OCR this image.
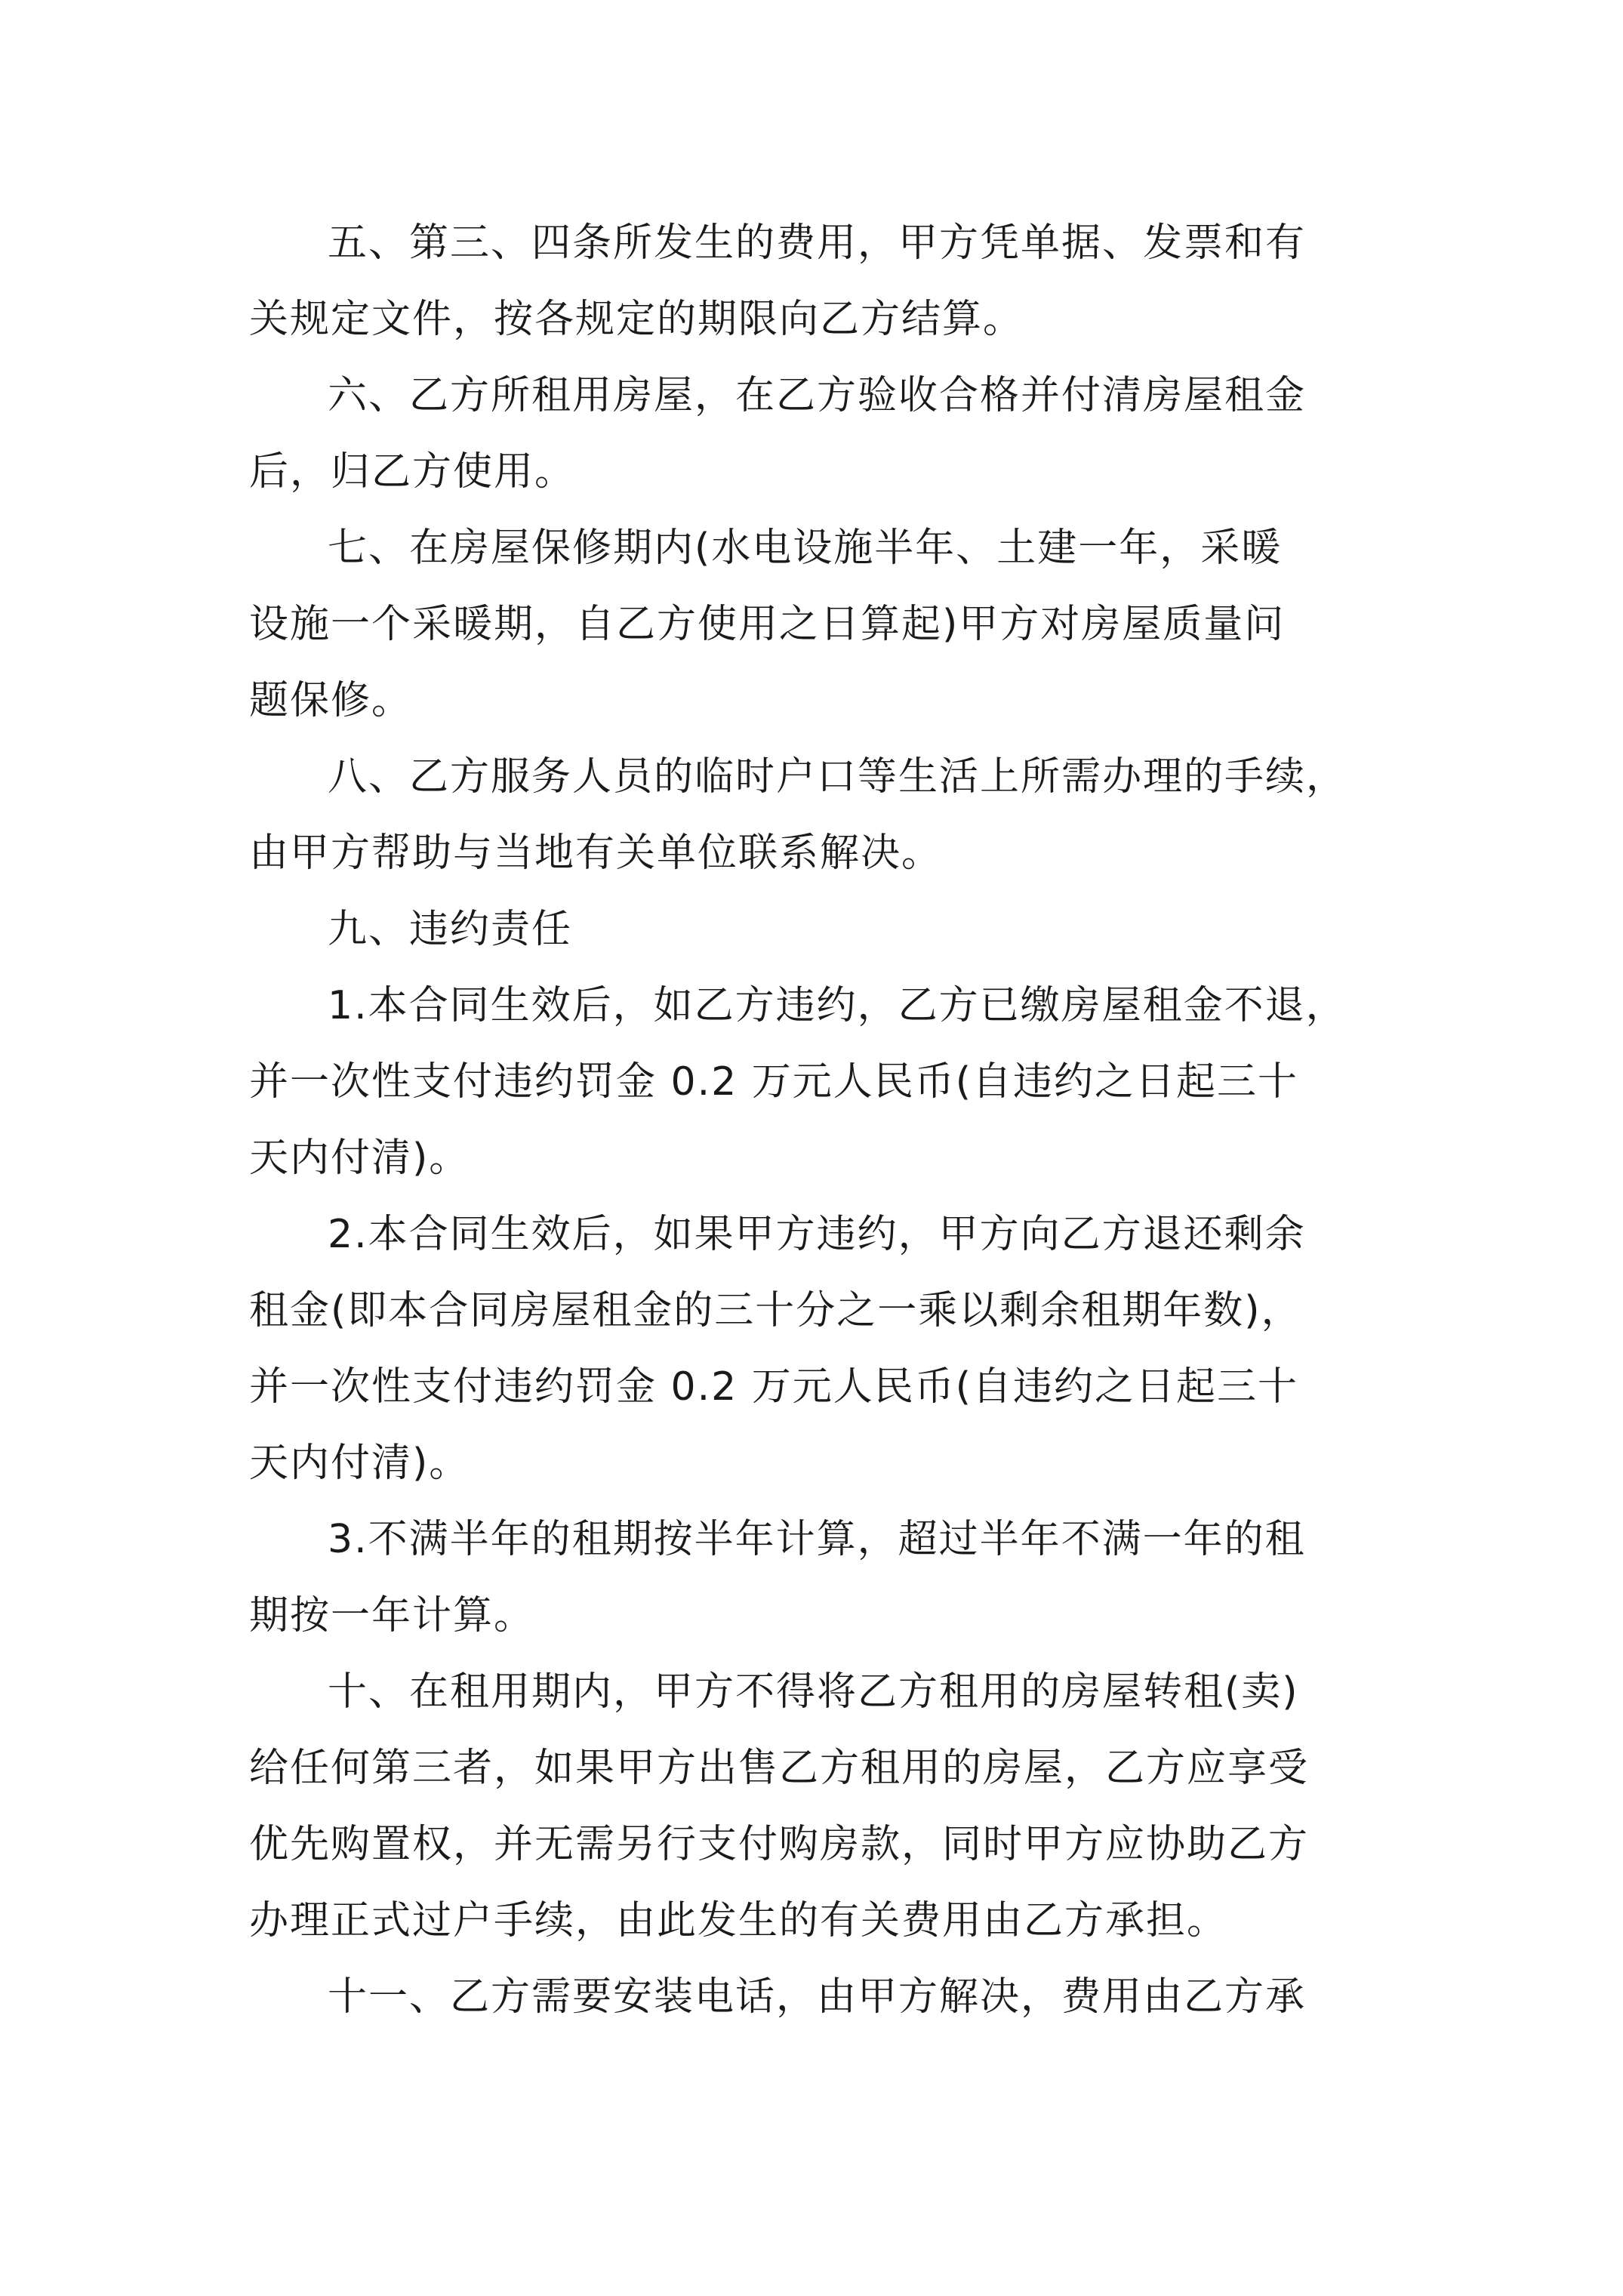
五、第三、四条所发生的费用，甲方凭单据、发票和有
关规定文件，按各规定的期限向乙方结算。

六、乙方所租用房屋，在乙方验收合格并付清房屋租金
后，归乙方使用。

七、在房屋保修期内(水电设施半年、土建一年，采暖
设施一个采暖期，自乙方使用之日算起)甲方对房屋质量问
题保修。

八、乙方服务人员的临时户口等生活上所需办理的手续，
由甲方帮助与当地有关单位联系解决。

九、违约责任

1.本合同生效后，如乙方违约，乙方已缴房屋租金不退，
并一次性支付违约罚金 0.2 万元人民币(自违约之日起三十
天内付清)。

2.本合同生效后，如果甲方违约，甲方向乙方退还剩余
租金(即本合同房屋租金的三十分之一乘以剩余租期年数)，
并一次性支付违约罚金 0.2 万元人民币(自违约之日起三十
天内付清)。

3.不满半年的租期按半年计算，超过半年不满一年的租
期按一年计算。

十、在租用期内，甲方不得将乙方租用的房屋转租(卖)
给任何第三者，如果甲方出售乙方租用的房屋，乙方应享受
优先购置权，并无需另行支付购房款，同时甲方应协助乙方
办理正式过户手续，由此发生的有关费用由乙方承担。

十一、乙方需要安装电话，由甲方解决，费用由乙方承
